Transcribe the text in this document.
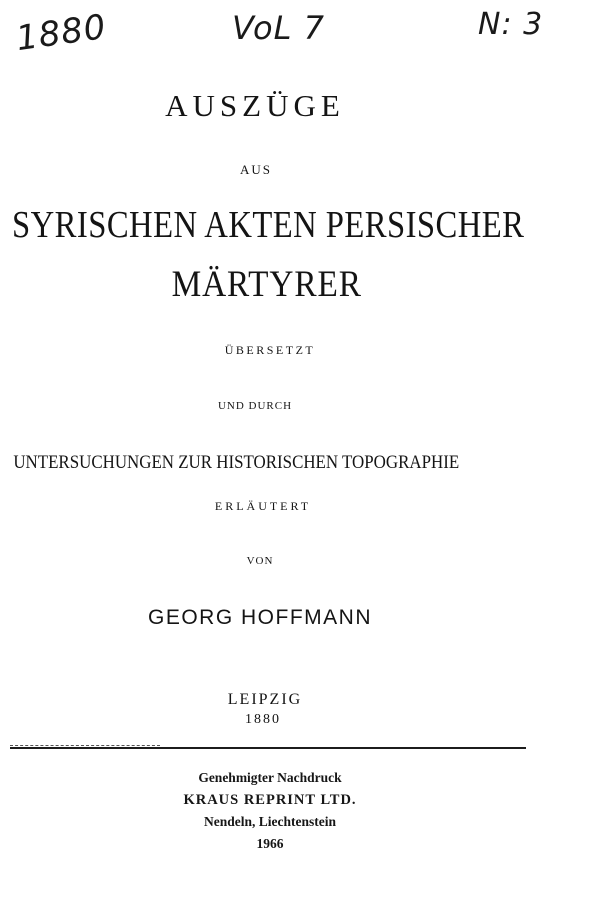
1880	VoL 7	N: 3
AUSZÜGE
AUS
SYRISCHEN AKTEN PERSISCHER
MÄRTYRER
ÜBERSETZT
UND DURCH
UNTERSUCHUNGEN ZUR HISTORISCHEN TOPOGRAPHIE
ERLÄUTERT
VON
GEORG HOFFMANN
LEIPZIG
1880
Genehmigter Nachdruck
KRAUS REPRINT LTD.
Nendeln, Liechtenstein
1966
